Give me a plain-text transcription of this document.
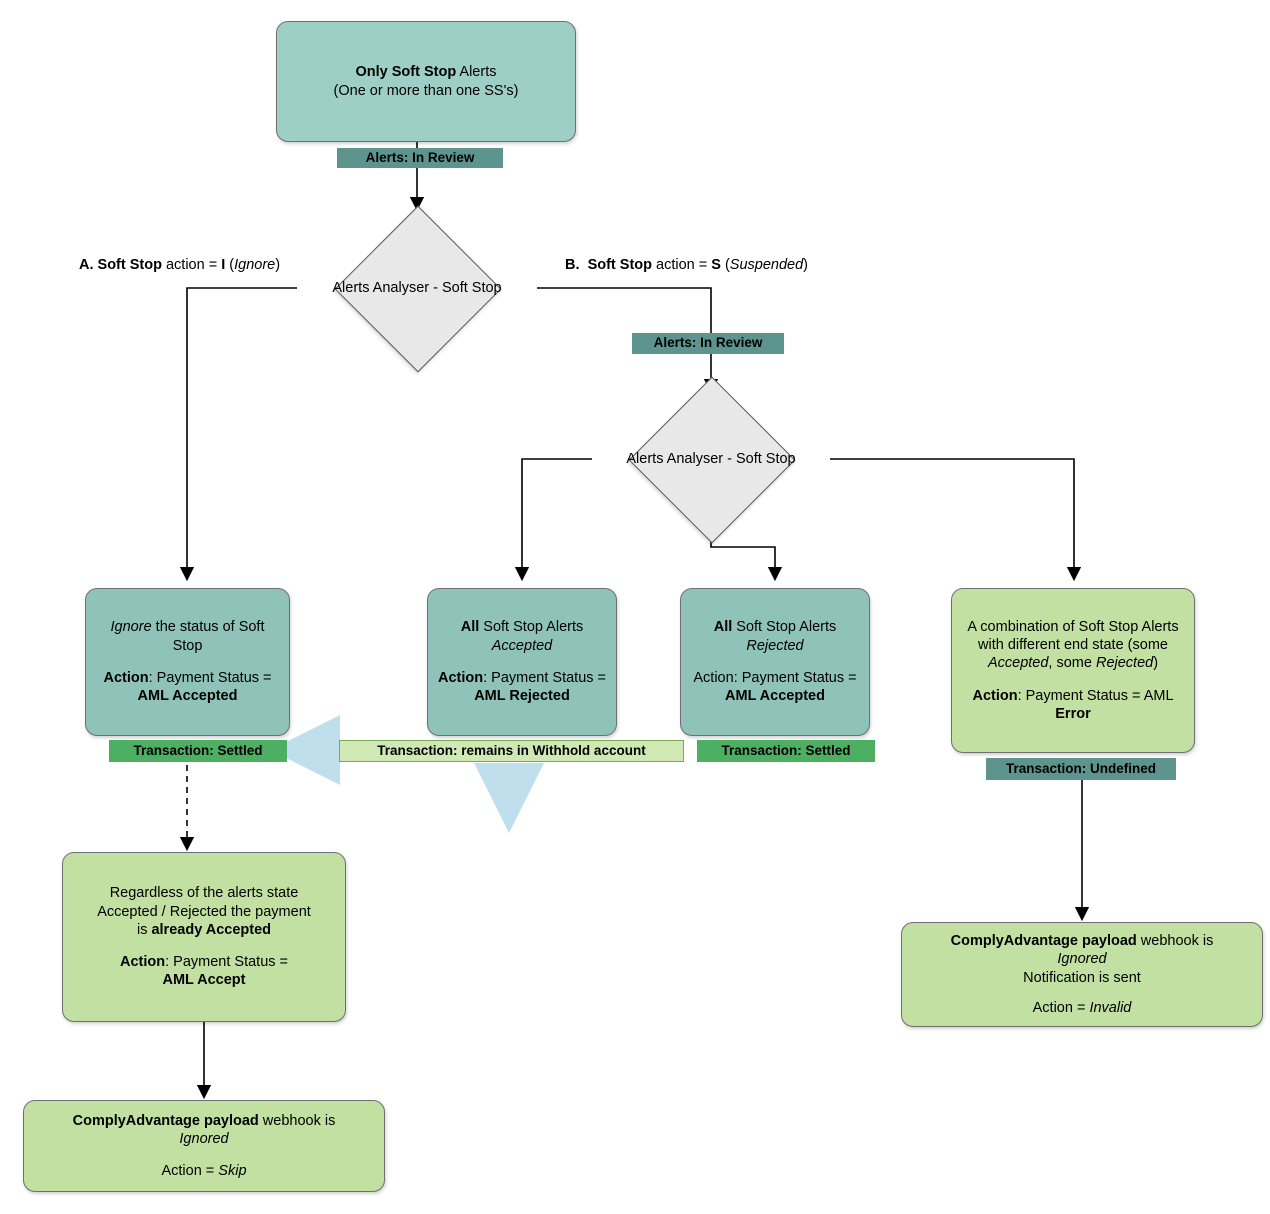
Only Soft Stop Alerts
(One or more than one SS's)
Alerts: In Review
Alerts Analyser - Soft Stop
A. Soft Stop action = I (Ignore)	B.  Soft Stop action = S (Suspended)
Alerts: In Review
Alerts Analyser - Soft Stop
Ignore the status of Soft
Stop
Action: Payment Status =
AML Accepted
All Soft Stop Alerts
Accepted
Action: Payment Status =
AML Rejected
All Soft Stop Alerts
Rejected
Action: Payment Status =
AML Accepted
A combination of Soft Stop Alerts
with different end state (some
Accepted, some Rejected)
Action: Payment Status = AML
Error
Transaction: Settled	Transaction: remains in Withhold account	Transaction: Settled
Transaction: Undefined
Regardless of the alerts state
Accepted / Rejected the payment
is already Accepted
Action: Payment Status =
AML Accept
ComplyAdvantage payload webhook is
Ignored
Action = Skip
ComplyAdvantage payload webhook is
Ignored
Notification is sent
Action = Invalid
